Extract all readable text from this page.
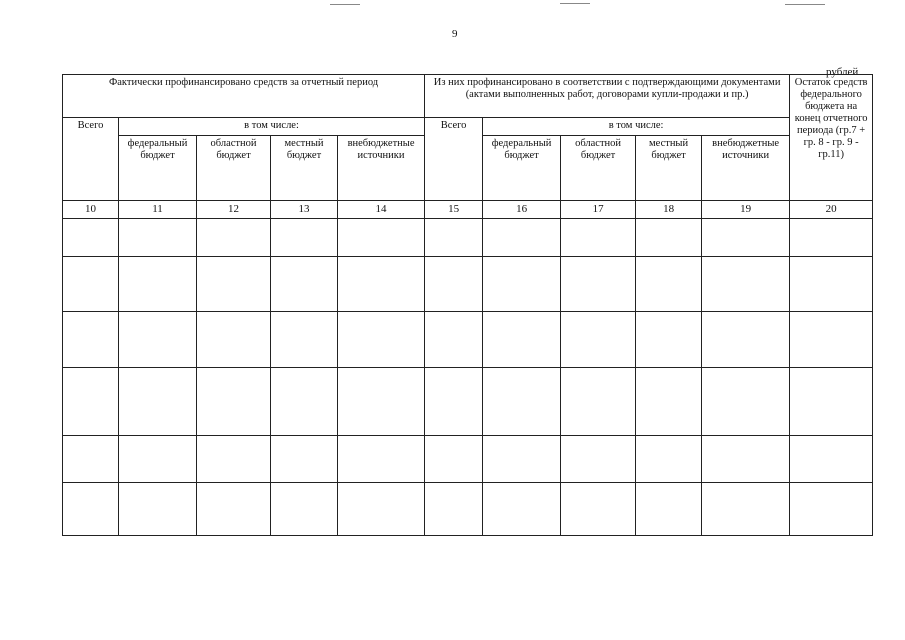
9
рублей
Фактически профинансировано средств за отчетный период					Из них профинансировано в соответствии с подтверждающими документами (актами выполненных работ, договорами купли-продажи и пр.)					Остаток средств федерального бюджета на конец отчетного периода (гр.7 + гр. 8 - гр. 9 - гр.11)
Всего	в том числе:				Всего	в том числе:				
	федеральный бюджет	областной бюджет	местный бюджет	внебюджетные источники		федеральный бюджет	областной бюджет	местный бюджет	внебюджетные источники	
10	11	12	13	14	15	16	17	18	19	20
